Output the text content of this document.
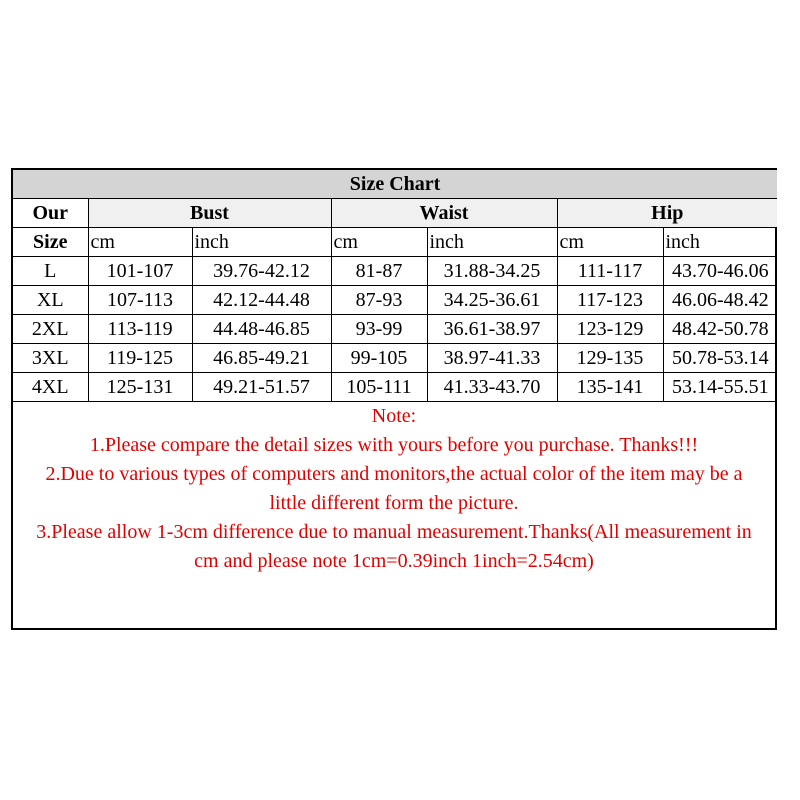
Size Chart						
Our	Bust		Waist		Hip	
Size	cm	inch	cm	inch	cm	inch
L	101-107	39.76-42.12	81-87	31.88-34.25	111-117	43.70-46.06
XL	107-113	42.12-44.48	87-93	34.25-36.61	117-123	46.06-48.42
2XL	113-119	44.48-46.85	93-99	36.61-38.97	123-129	48.42-50.78
3XL	119-125	46.85-49.21	99-105	38.97-41.33	129-135	50.78-53.14
4XL	125-131	49.21-51.57	105-111	41.33-43.70	135-141	53.14-55.51
Note:
1.Please compare the detail sizes with yours before you purchase. Thanks!!!
2.Due to various types of computers and monitors,the actual color of the item may be a
little different form the picture.
3.Please allow 1-3cm difference due to manual measurement.Thanks(All measurement in
cm and please note 1cm=0.39inch 1inch=2.54cm)
